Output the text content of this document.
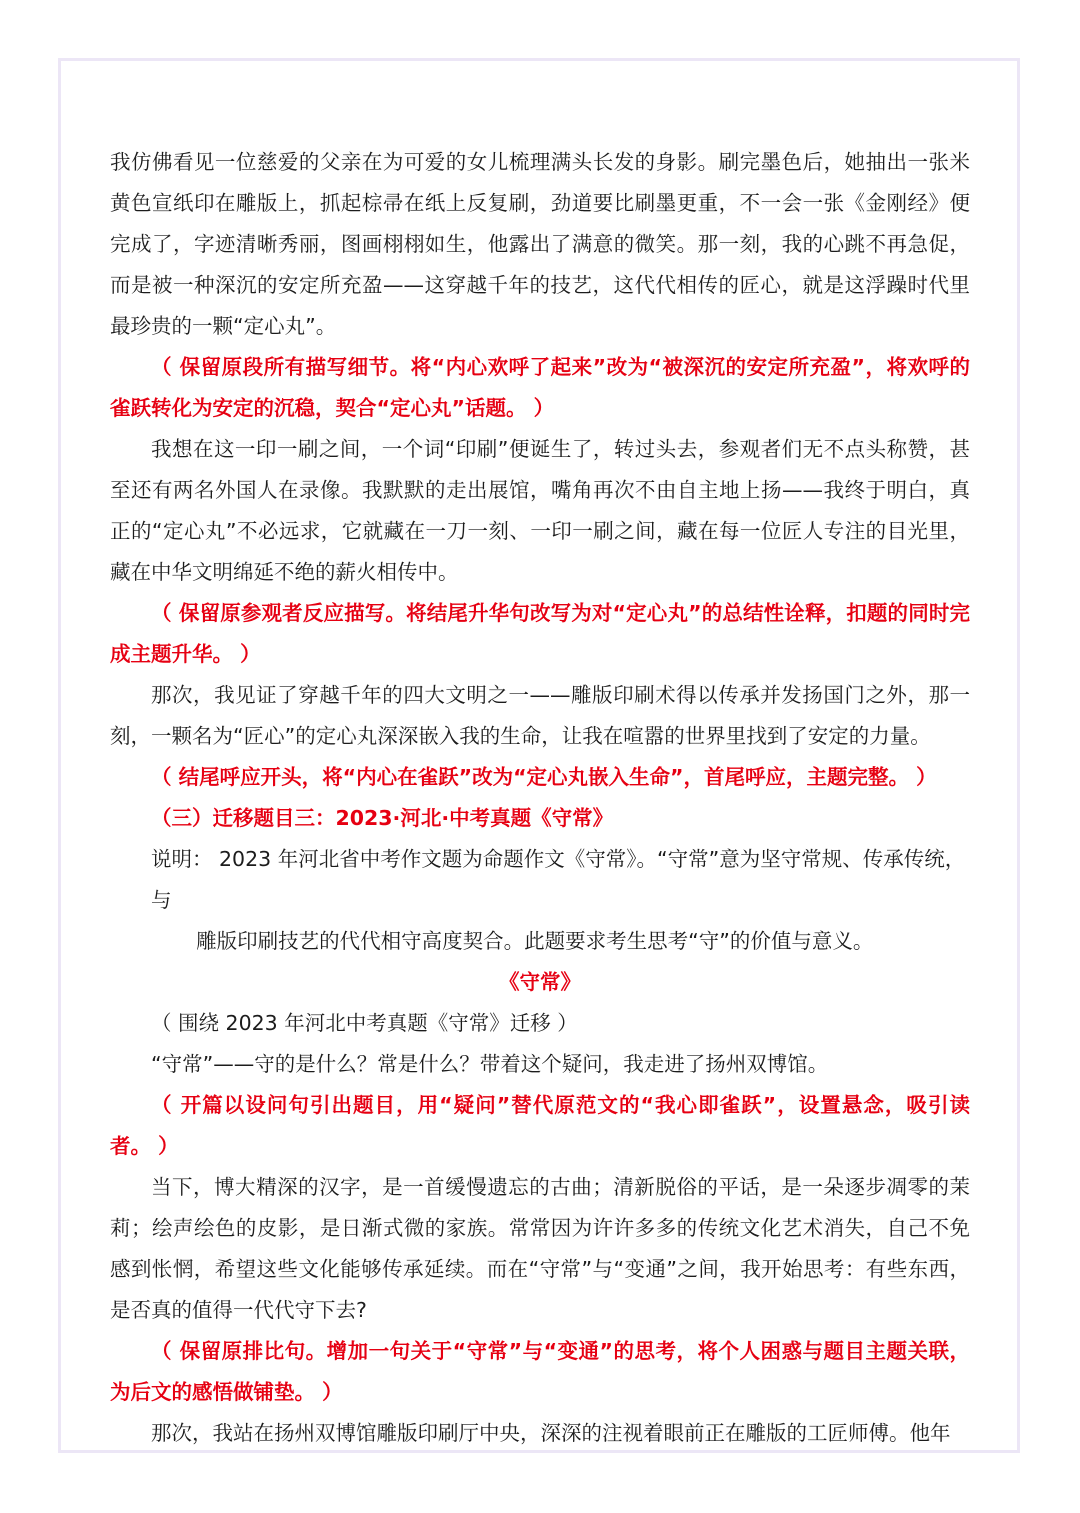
我仿佛看见一位慈爱的父亲在为可爱的女儿梳理满头长发的身影。刷完墨色后，她抽出一张米黄色宣纸印在雕版上，抓起棕帚在纸上反复刷，劲道要比刷墨更重，不一会一张《金刚经》便完成了，字迹清晰秀丽，图画栩栩如生，他露出了满意的微笑。那一刻，我的心跳不再急促，而是被一种深沉的安定所充盈——这穿越千年的技艺，这代代相传的匠心，就是这浮躁时代里最珍贵的一颗“定心丸”。

（ 保留原段所有描写细节。将“内心欢呼了起来”改为“被深沉的安定所充盈”，将欢呼的雀跃转化为安定的沉稳，契合“定心丸”话题。 ）

我想在这一印一刷之间，一个词“印刷”便诞生了，转过头去，参观者们无不点头称赞，甚至还有两名外国人在录像。我默默的走出展馆，嘴角再次不由自主地上扬——我终于明白，真正的“定心丸”不必远求，它就藏在一刀一刻、一印一刷之间，藏在每一位匠人专注的目光里，藏在中华文明绵延不绝的薪火相传中。

（ 保留原参观者反应描写。将结尾升华句改写为对“定心丸”的总结性诠释，扣题的同时完成主题升华。 ）

那次，我见证了穿越千年的四大文明之一——雕版印刷术得以传承并发扬国门之外，那一刻，一颗名为“匠心”的定心丸深深嵌入我的生命，让我在喧嚣的世界里找到了安定的力量。

（ 结尾呼应开头，将“内心在雀跃”改为“定心丸嵌入生命”，首尾呼应，主题完整。 ）

（三）迁移题目三：2023·河北·中考真题《守常》

说明： 2023 年河北省中考作文题为命题作文《守常》。“守常”意为坚守常规、传承传统，与

雕版印刷技艺的代代相守高度契合。此题要求考生思考“守”的价值与意义。

《守常》

（ 围绕 2023 年河北中考真题《守常》迁移 ）

“守常”——守的是什么？常是什么？带着这个疑问，我走进了扬州双博馆。

（ 开篇以设问句引出题目，用“疑问”替代原范文的“我心即雀跃”，设置悬念，吸引读者。 ）

当下，博大精深的汉字，是一首缓慢遗忘的古曲；清新脱俗的平话，是一朵逐步凋零的茉莉；绘声绘色的皮影，是日渐式微的家族。常常因为许许多多的传统文化艺术消失，自己不免感到怅惘，希望这些文化能够传承延续。而在“守常”与“变通”之间，我开始思考：有些东西，是否真的值得一代代守下去?

（ 保留原排比句。增加一句关于“守常”与“变通”的思考，将个人困惑与题目主题关联，为后文的感悟做铺垫。 ）

那次，我站在扬州双博馆雕版印刷厅中央，深深的注视着眼前正在雕版的工匠师傅。他年
